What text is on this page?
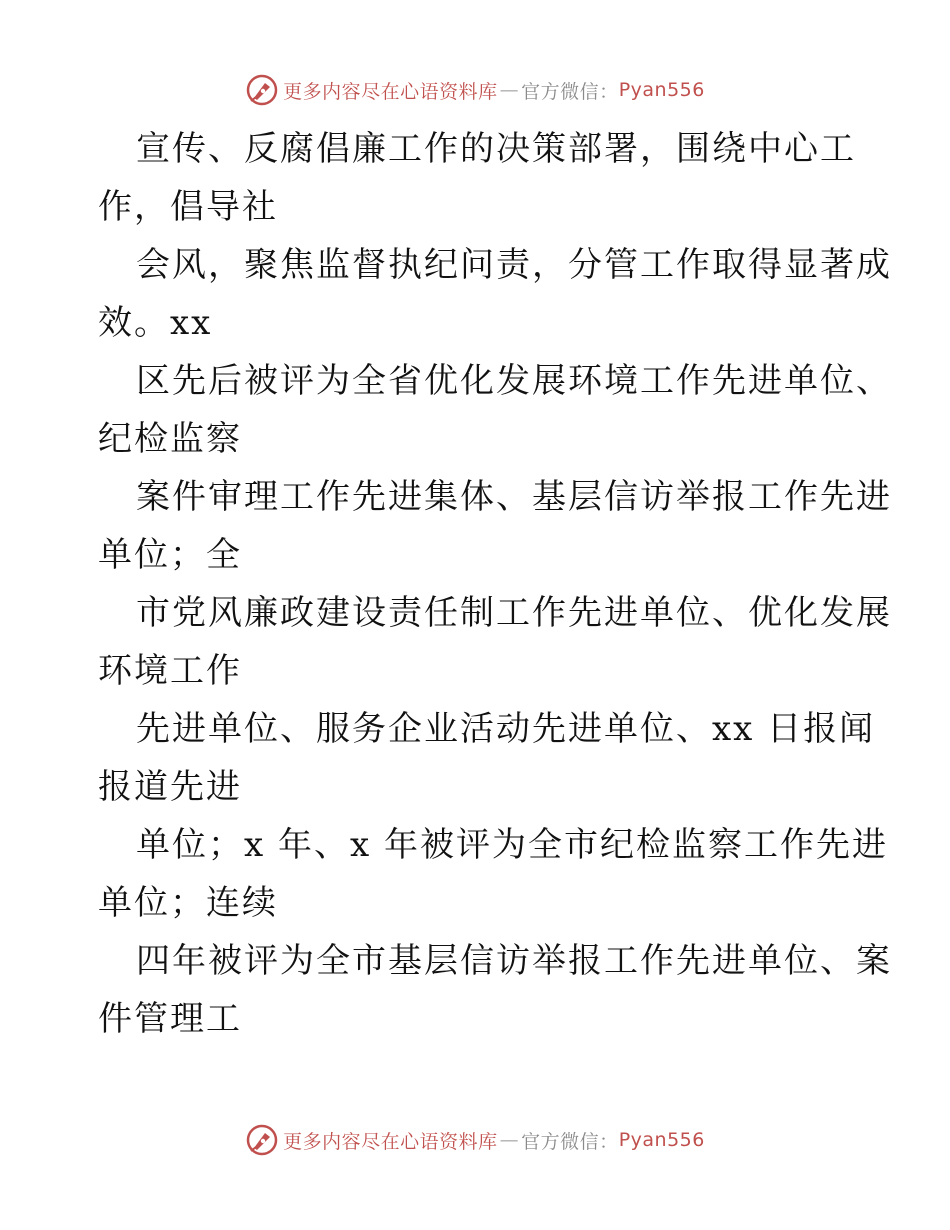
更多内容尽在心语资料库 — 官方微信： Pyan556

宣传、反腐倡廉工作的决策部署，围绕中心工
作，倡导社

会风，聚焦监督执纪问责，分管工作取得显著成
效。xx

区先后被评为全省优化发展环境工作先进单位、
纪检监察

案件审理工作先进集体、基层信访举报工作先进
单位；全

市党风廉政建设责任制工作先进单位、优化发展
环境工作

先进单位、服务企业活动先进单位、xx 日报闻
报道先进

单位；x 年、x 年被评为全市纪检监察工作先进
单位；连续

四年被评为全市基层信访举报工作先进单位、案
件管理工

更多内容尽在心语资料库 — 官方微信： Pyan556
